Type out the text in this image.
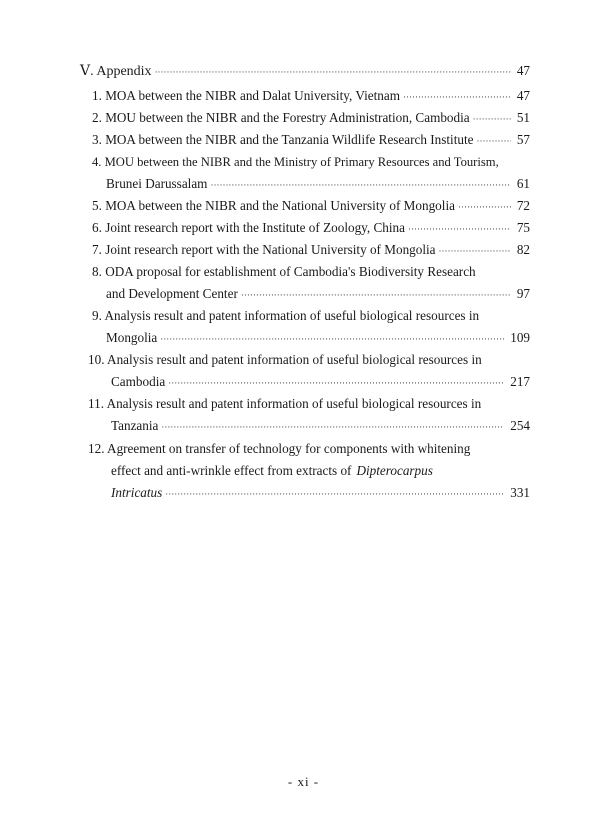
Ⅴ. Appendix ·····	47
1. MOA between the NIBR and Dalat University, Vietnam ·····	47
2. MOU between the NIBR and the Forestry Administration, Cambodia ·····	51
3. MOA between the NIBR and the Tanzania Wildlife Research Institute ·····	57
4. MOU between the NIBR and the Ministry of Primary Resources and Tourism,
Brunei Darussalam ·····	61
5. MOA between the NIBR and the National University of Mongolia ·····	72
6. Joint research report with the Institute of Zoology, China ·····	75
7. Joint research report with the National University of Mongolia ·····	82
8. ODA proposal for establishment of Cambodia's Biodiversity Research
and Development Center ·····	97
9. Analysis result and patent information of useful biological resources in
Mongolia ·····	109
10. Analysis result and patent information of useful biological resources in
Cambodia ·····	217
11. Analysis result and patent information of useful biological resources in
Tanzania ·····	254
12. Agreement on transfer of technology for components with whitening
effect and anti-wrinkle effect from extracts of Dipterocarpus
Intricatus ·····	331
- xi -
